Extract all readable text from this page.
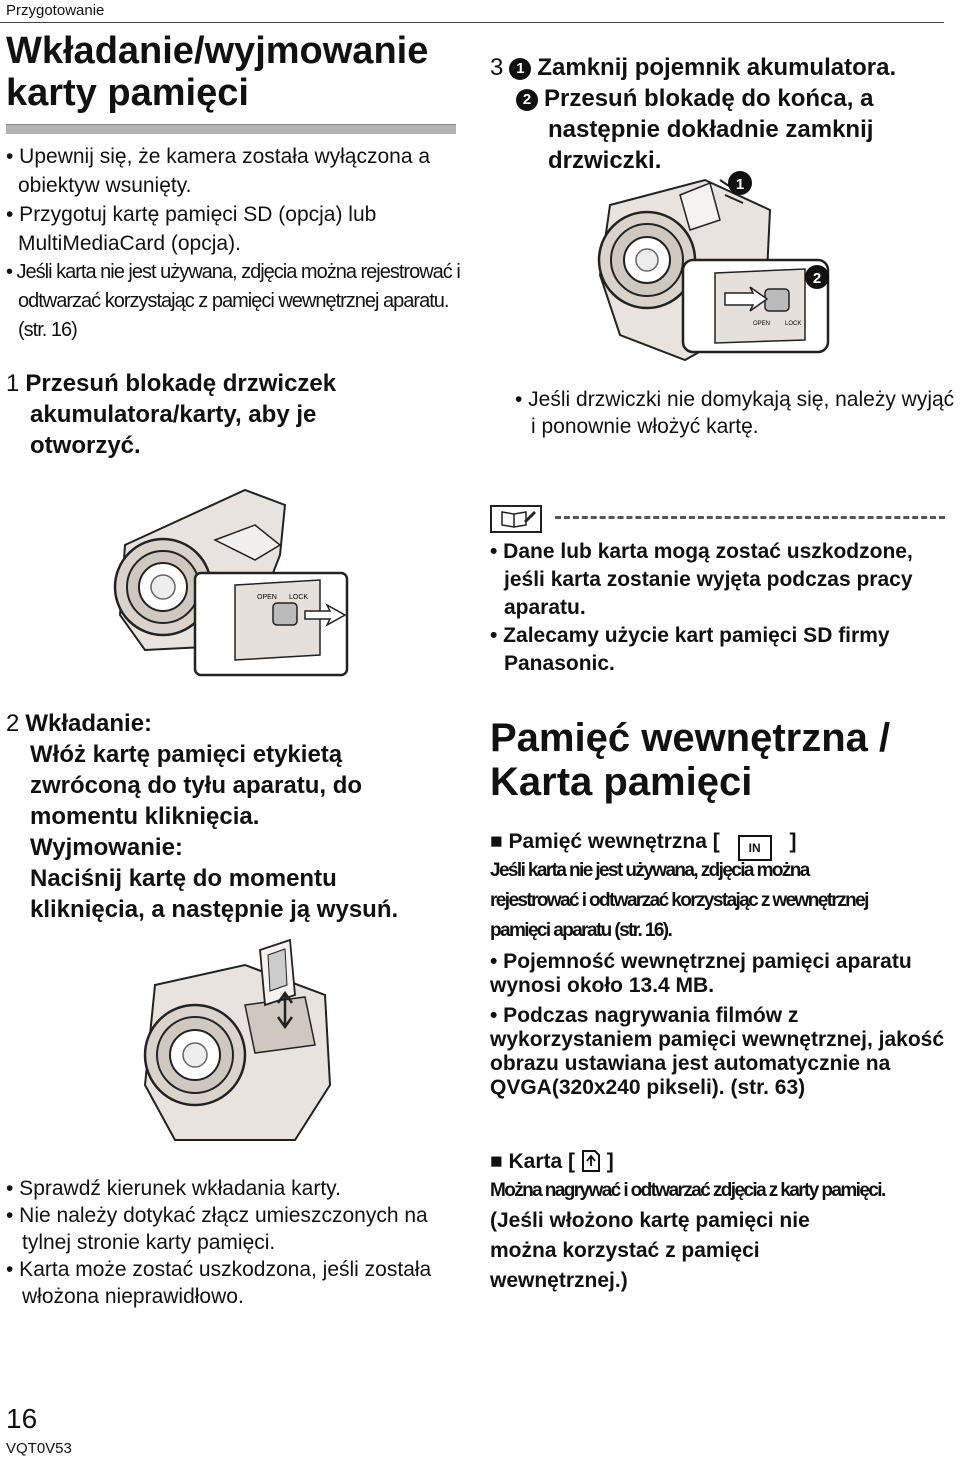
Przygotowanie
Wkładanie/wyjmowanie
karty pamięci
• Upewnij się, że kamera została wyłączona a obiektyw wsunięty.
• Przygotuj kartę pamięci SD (opcja) lub MultiMediaCard (opcja).
• Jeśli karta nie jest używana, zdjęcia można rejestrować i odtwarzać korzystając z pamięci wewnętrznej aparatu. (str. 16)
1 Przesuń blokadę drzwiczek
akumulatora/karty, aby je
otworzyć.
OPEN LOCK
2 Wkładanie:
Włóż kartę pamięci etykietą
zwróconą do tyłu aparatu, do
momentu kliknięcia.
Wyjmowanie:
Naciśnij kartę do momentu
kliknięcia, a następnie ją wysuń.
• Sprawdź kierunek wkładania karty.
• Nie należy dotykać złącz umieszczonych na tylnej stronie karty pamięci.
• Karta może zostać uszkodzona, jeśli została włożona nieprawidłowo.
3 1 Zamknij pojemnik akumulatora.
2 Przesuń blokadę do końca, a
następnie dokładnie zamknij
drzwiczki.
1
OPEN LOCK
2
• Jeśli drzwiczki nie domykają się, należy wyjąć i ponownie włożyć kartę.
• Dane lub karta mogą zostać uszkodzone, jeśli karta zostanie wyjęta podczas pracy aparatu.
• Zalecamy użycie kart pamięci SD firmy Panasonic.
Pamięć wewnętrzna /
Karta pamięci
■ Pamięć wewnętrzna [ IN ]
Jeśli karta nie jest używana, zdjęcia można
rejestrować i odtwarzać korzystając z wewnętrznej
pamięci aparatu (str. 16).
• Pojemność wewnętrznej pamięci aparatu wynosi około 13.4 MB.
• Podczas nagrywania filmów z wykorzystaniem pamięci wewnętrznej, jakość obrazu ustawiana jest automatycznie na QVGA(320x240 pikseli). (str. 63)
■ Karta [ ]
Można nagrywać i odtwarzać zdjęcia z karty pamięci.
(Jeśli włożono kartę pamięci nie
można korzystać z pamięci
wewnętrznej.)
16
VQT0V53
